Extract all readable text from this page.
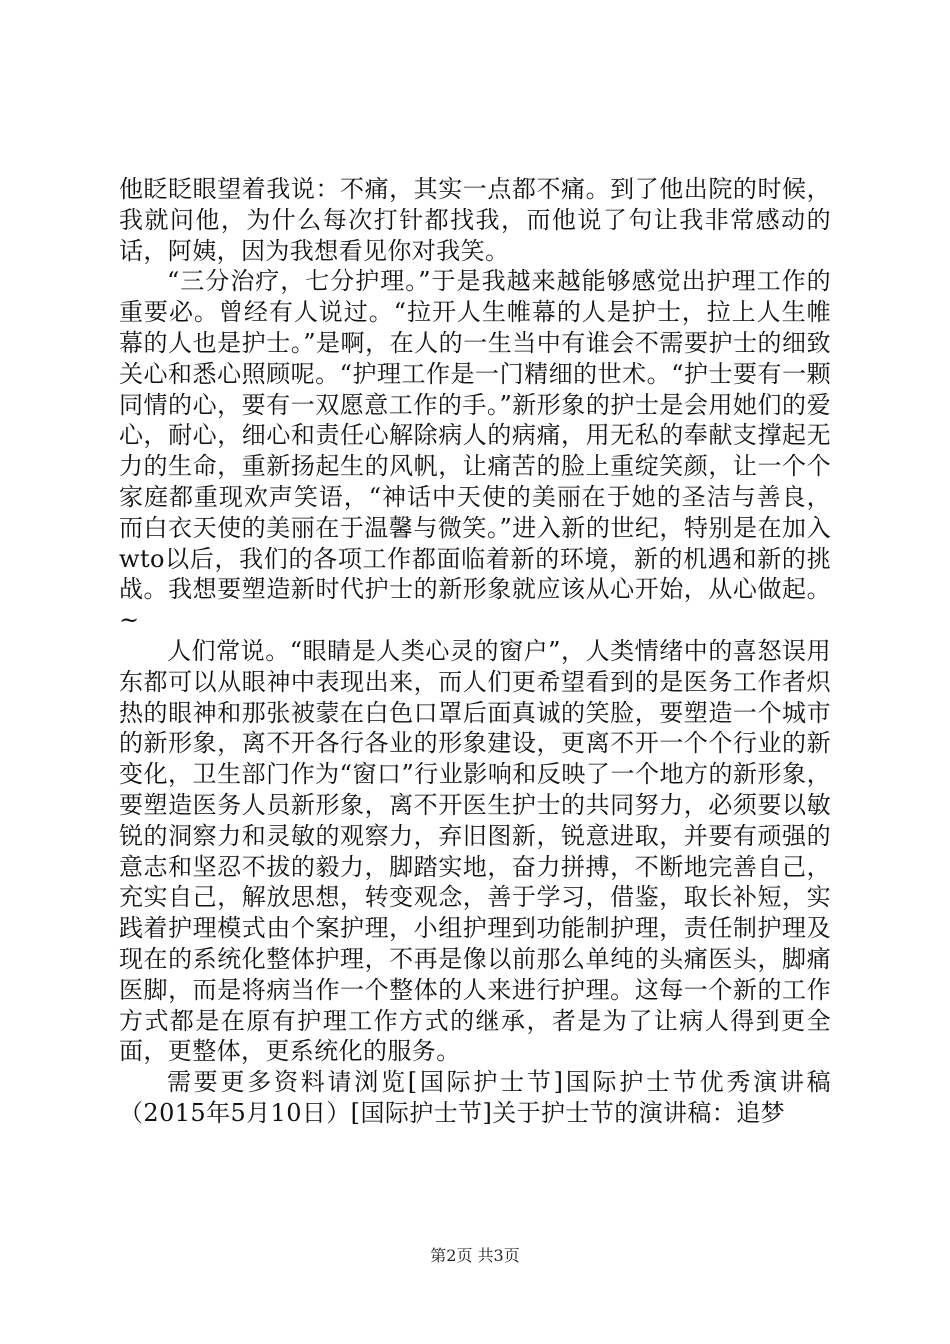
他眨眨眼望着我说：不痛，其实一点都不痛。到了他出院的时候，我就问他，为什么每次打针都找我，而他说了句让我非常感动的话，阿姨，因为我想看见你对我笑。

“三分治疗，七分护理。”于是我越来越能够感觉出护理工作的重要必。曾经有人说过。“拉开人生帷幕的人是护士，拉上人生帷幕的人也是护士。”是啊，在人的一生当中有谁会不需要护士的细致关心和悉心照顾呢。“护理工作是一门精细的世术。“护士要有一颗同情的心，要有一双愿意工作的手。”新形象的护士是会用她们的爱心，耐心，细心和责任心解除病人的病痛，用无私的奉献支撑起无力的生命，重新扬起生的风帆，让痛苦的脸上重绽笑颜，让一个个家庭都重现欢声笑语，“神话中天使的美丽在于她的圣洁与善良，而白衣天使的美丽在于温馨与微笑。”进入新的世纪，特别是在加入wto以后，我们的各项工作都面临着新的环境，新的机遇和新的挑战。我想要塑造新时代护士的新形象就应该从心开始，从心做起。~

人们常说。“眼睛是人类心灵的窗户”，人类情绪中的喜怒误用东都可以从眼神中表现出来，而人们更希望看到的是医务工作者炽热的眼神和那张被蒙在白色口罩后面真诚的笑脸，要塑造一个城市的新形象，离不开各行各业的形象建设，更离不开一个个行业的新变化，卫生部门作为“窗口”行业影响和反映了一个地方的新形象，要塑造医务人员新形象，离不开医生护士的共同努力，必须要以敏锐的洞察力和灵敏的观察力，弃旧图新，锐意进取，并要有顽强的意志和坚忍不拔的毅力，脚踏实地，奋力拼搏，不断地完善自己，充实自己，解放思想，转变观念，善于学习，借鉴，取长补短，实践着护理模式由个案护理，小组护理到功能制护理，责任制护理及现在的系统化整体护理，不再是像以前那么单纯的头痛医头，脚痛医脚，而是将病当作一个整体的人来进行护理。这每一个新的工作方式都是在原有护理工作方式的继承，者是为了让病人得到更全面，更整体，更系统化的服务。

需要更多资料请浏览[国际护士节]国际护士节优秀演讲稿（2015年5月10日）[国际护士节]关于护士节的演讲稿：追梦

第2页 共3页
